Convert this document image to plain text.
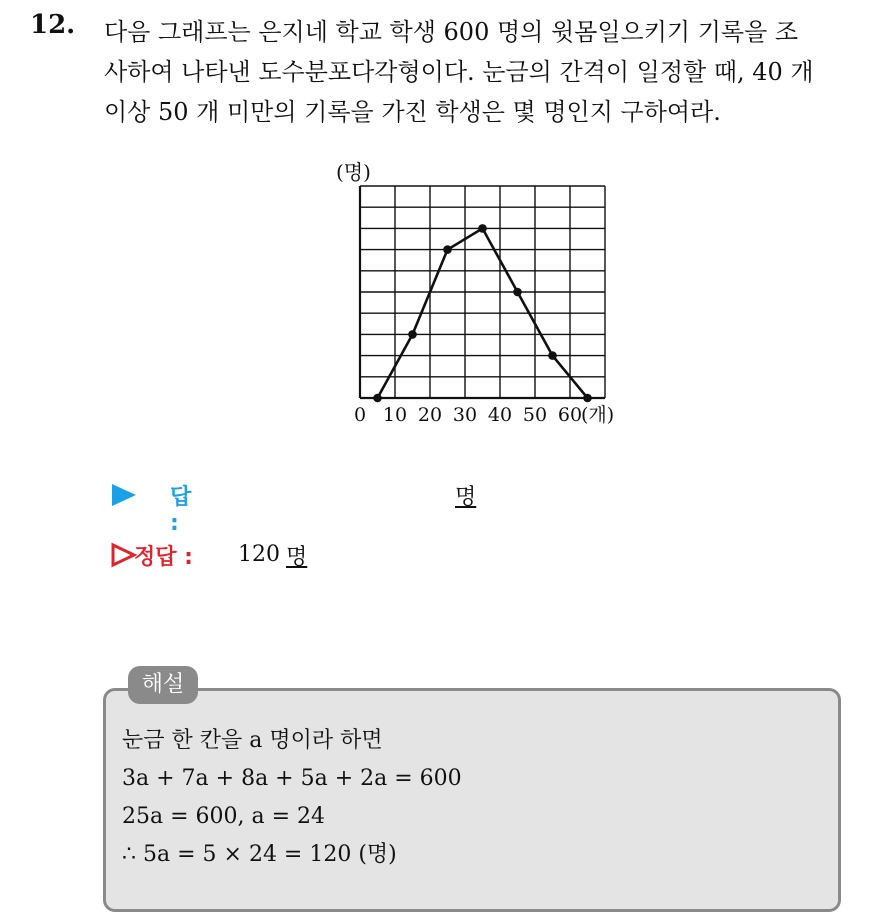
12. 다음 그래프는 은지네 학교 학생 600 명의 윗몸일으키기 기록을 조
사하여 나타낸 도수분포다각형이다. 눈금의 간격이 일정할 때, 40 개
이상 50 개 미만의 기록을 가진 학생은 몇 명인지 구하여라.
(명)
0 10 20 30 40 50 60
(개)
답 :
명
정답 : 120 명
해설
눈금 한 칸을 a 명이라 하면
3a + 7a + 8a + 5a + 2a = 600
25a = 600, a = 24
∴ 5a = 5 × 24 = 120 (명)
